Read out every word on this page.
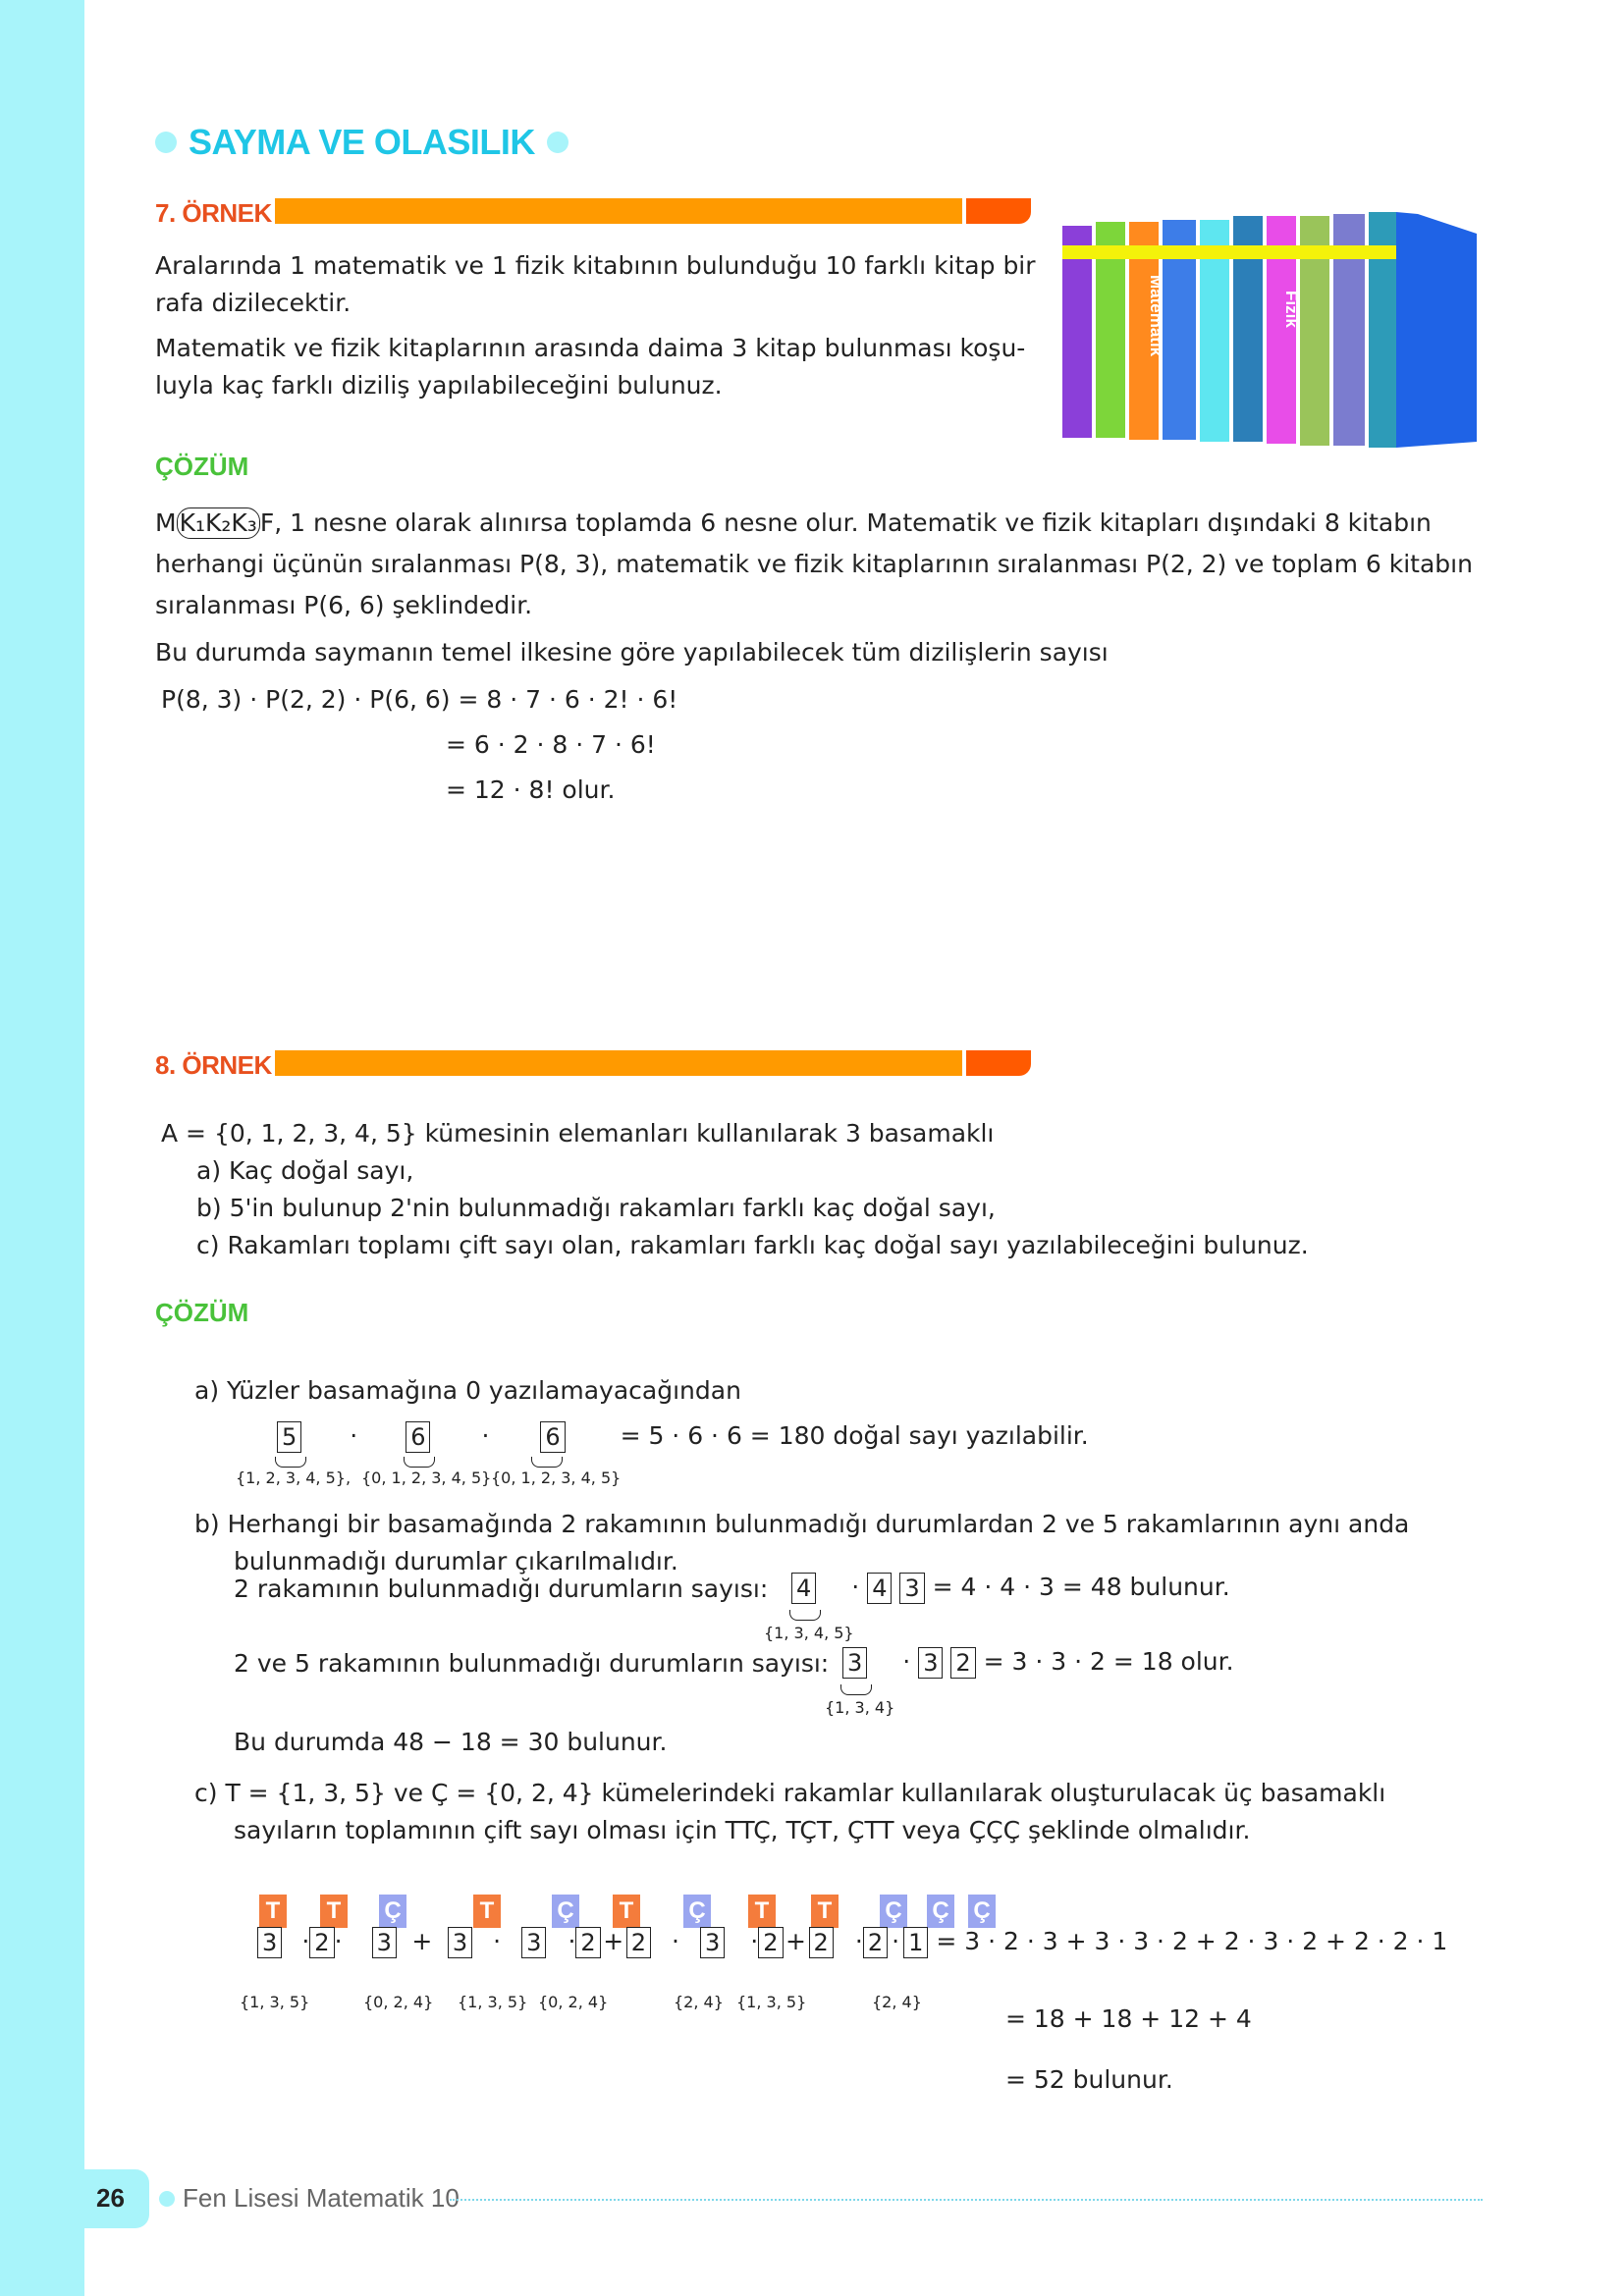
SAYMA VE OLASILIK
7. ÖRNEK
Aralarında 1 matematik ve 1 fizik kitabının bulunduğu 10 farklı kitap bir
rafa dizilecektir.
Matematik ve fizik kitaplarının arasında daima 3 kitap bulunması koşu-
luyla kaç farklı diziliş yapılabileceğini bulunuz.
Matematik	Fizik
ÇÖZÜM
M K₁K₂K₃ F, 1 nesne olarak alınırsa toplamda 6 nesne olur. Matematik ve fizik kitapları dışındaki 8 kitabın
herhangi üçünün sıralanması P(8, 3), matematik ve fizik kitaplarının sıralanması P(2, 2) ve toplam 6 kitabın
sıralanması P(6, 6) şeklindedir.
Bu durumda saymanın temel ilkesine göre yapılabilecek tüm dizilişlerin sayısı
P(8, 3) · P(2, 2) · P(6, 6) = 8 · 7 · 6 · 2! · 6!
= 6 · 2 · 8 · 7 · 6!
= 12 · 8! olur.
8. ÖRNEK
A = {0, 1, 2, 3, 4, 5} kümesinin elemanları kullanılarak 3 basamaklı
a) Kaç doğal sayı,
b) 5'in bulunup 2'nin bulunmadığı rakamları farklı kaç doğal sayı,
c) Rakamları toplamı çift sayı olan, rakamları farklı kaç doğal sayı yazılabileceğini bulunuz.
ÇÖZÜM
a) Yüzler basamağına 0 yazılamayacağından
5 · 6 · 6 = 5 · 6 · 6 = 180 doğal sayı yazılabilir.
{1, 2, 3, 4, 5}, {0, 1, 2, 3, 4, 5} {0, 1, 2, 3, 4, 5}
b) Herhangi bir basamağında 2 rakamının bulunmadığı durumlardan 2 ve 5 rakamlarının aynı anda
bulunmadığı durumlar çıkarılmalıdır.
2 rakamının bulunmadığı durumların sayısı: 4 · 4 3 = 4 · 4 · 3 = 48 bulunur.
{1, 3, 4, 5}
2 ve 5 rakamının bulunmadığı durumların sayısı: 3 · 3 2 = 3 · 3 · 2 = 18 olur.
{1, 3, 4}
Bu durumda 48 − 18 = 30 bulunur.
c) T = {1, 3, 5} ve Ç = {0, 2, 4} kümelerindeki rakamlar kullanılarak oluşturulacak üç basamaklı
sayıların toplamının çift sayı olması için TTÇ, TÇT, ÇTT veya ÇÇÇ şeklinde olmalıdır.
T T Ç	T	Ç T Ç T T Ç Ç Ç
3 · 2 · 3 + 3 · 3 · 2 + 2 · 3 · 2 + 2 · 2 · 1 = 3 · 2 · 3 + 3 · 3 · 2 + 2 · 3 · 2 + 2 · 2 · 1
{1, 3, 5}	{0, 2, 4} {1, 3, 5} {0, 2, 4}	{2, 4} {1, 3, 5}	{2, 4}
= 18 + 18 + 12 + 4
= 52 bulunur.
26 Fen Lisesi Matematik 10
